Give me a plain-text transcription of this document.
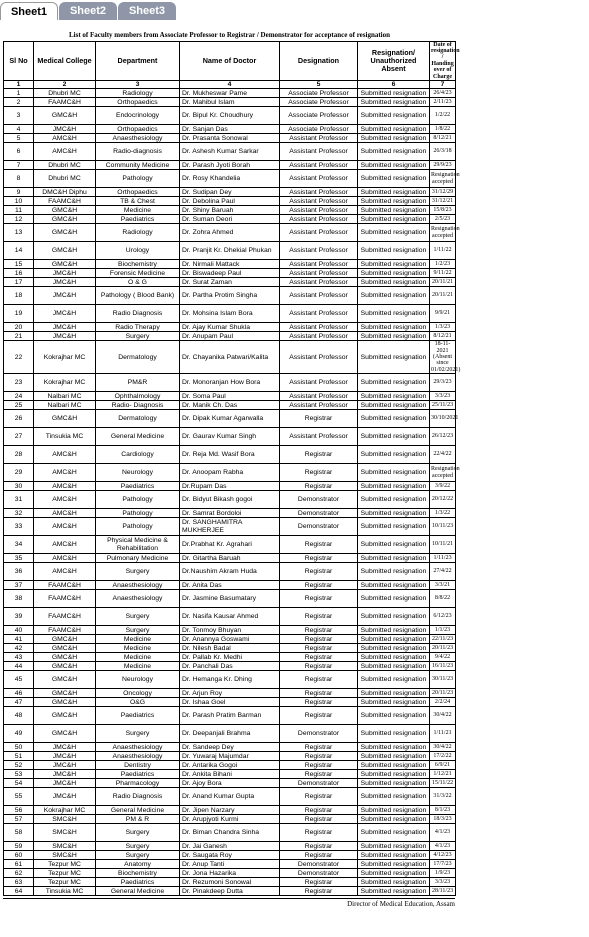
Sheet1	Sheet2	Sheet3
List of Faculty members from Associate Professor to Registrar / Demonstrator for acceptance of resignation						
Sl No	Medical College	Department	Name of Doctor	Designation	Resignation/ Unauthorized Absent	Date of resignation / Handing over of Charge
1	2	3	4	5	6	7
1	Dhubri MC	Radiology	Dr. Mukheswar Pame	Associate Professor	Submitted resignation	26/4/23
2	FAAMC&H	Orthopaedics	Dr. Mahibul Islam	Associate Professor	Submitted resignation	2/11/23
3	GMC&H	Endocrinology	Dr. Bipul Kr. Choudhury	Associate Professor	Submitted resignation	1/2/22
4	JMC&H	Orthopaedics	Dr. Sanjan Das	Associate Professor	Submitted resignation	1/8/22
5	AMC&H	Anaesthesiology	Dr. Prasanta Sonowal	Assistant Professor	Submitted resignation	8/12/21
6	AMC&H	Radio-diagnosis	Dr. Ashesh Kumar Sarkar	Assistant Professor	Submitted resignation	26/3/18
7	Dhubri MC	Community Medicine	Dr. Parash Jyoti Borah	Assistant Professor	Submitted resignation	29/9/23
8	Dhubri MC	Pathology	Dr. Rosy Khandelia	Assistant Professor	Submitted resignation	Resignation accepted
9	DMC&H Diphu	Orthopaedics	Dr. Sudipan Dey	Assistant Professor	Submitted resignation	31/12/29
10	FAAMC&H	TB & Chest	Dr. Debolina Paul	Assistant Professor	Submitted resignation	31/12/21
11	GMC&H	Medicine	Dr. Shiny Baruah	Assistant Professor	Submitted resignation	15/8/23
12	GMC&H	Paediatrics	Dr. Suman Deori	Assistant Professor	Submitted resignation	2/5/23
13	GMC&H	Radiology	Dr. Zohra Ahmed	Assistant Professor	Submitted resignation	Resignation accepted
14	GMC&H	Urology	Dr. Pranjit Kr. Dhekial Phukan	Assistant Professor	Submitted resignation	1/11/22
15	GMC&H	Biochemistry	Dr. Nirmali Mattack	Assistant Professor	Submitted resignation	1/2/23
16	JMC&H	Forensic Medicine	Dr. Biswadeep Paul	Assistant Professor	Submitted resignation	9/11/22
17	JMC&H	O & G	Dr. Surat Zaman	Assistant Professor	Submitted resignation	20/11/21
18	JMC&H	Pathology ( Blood Bank)	Dr. Partha Protim Singha	Assistant Professor	Submitted resignation	20/11/21
19	JMC&H	Radio Diagnosis	Dr. Mohsina Islam Bora	Assistant Professor	Submitted resignation	9/9/21
20	JMC&H	Radio Therapy	Dr. Ajay Kumar Shukla	Assistant Professor	Submitted resignation	1/3/23
21	JMC&H	Surgery	Dr. Anupam Paul	Assistant Professor	Submitted resignation	8/12/21
22	Kokrajhar MC	Dermatology	Dr. Chayanika Patwari/Kalita	Assistant Professor	Submitted resignation	18-11-2021 (Absent since 01/02/2021)
23	Kokrajhar MC	PM&R	Dr. Monoranjan How Bora	Assistant Professor	Submitted resignation	29/3/23
24	Nalbari MC	Ophthalmology	Dr. Soma Paul	Assistant Professor	Submitted resignation	3/3/23
25	Nalbari MC	Radio- Diagnosis	Dr. Manik Ch. Das	Assistant Professor	Submitted resignation	25/11/23
26	GMC&H	Dermatology	Dr. Dipak Kumar Agarwalla	Registrar	Submitted resignation	30/10/2021
27	Tinsukia MC	General Medicine	Dr. Gaurav Kumar Singh	Assistant Professor	Submitted resignation	26/12/23
28	AMC&H	Cardiology	Dr. Reja Md. Wasif Bora	Registrar	Submitted resignation	22/4/22
29	AMC&H	Neurology	Dr. Anoopam Rabha	Registrar	Submitted resignation	Resignation accepted
30	AMC&H	Paediatrics	Dr.Rupam Das	Registrar	Submitted resignation	3/9/22
31	AMC&H	Pathology	Dr. Bidyut Bikash gogoi	Demonstrator	Submitted resignation	20/12/22
32	AMC&H	Pathology	Dr. Samrat Bordoloi	Demonstrator	Submitted resignation	1/3/22
33	AMC&H	Pathology	Dr. SANGHAMITRA MUKHERJEE	Demonstrator	Submitted resignation	10/11/23
34	AMC&H	Physical Medicine & Rehabilitation	Dr.Prabhat Kr. Agrahari	Registrar	Submitted resignation	10/11/21
35	AMC&H	Pulmonary Medicine	Dr. Gitartha Baruah	Registrar	Submitted resignation	1/11/23
36	AMC&H	Surgery	Dr.Naushim Akram Huda	Registrar	Submitted resignation	27/4/22
37	FAAMC&H	Anaesthesiology	Dr. Anita Das	Registrar	Submitted resignation	3/3/21
38	FAAMC&H	Anaesthesiology	Dr. Jasmine Basumatary	Registrar	Submitted resignation	8/8/22
39	FAAMC&H	Surgery	Dr. Nasifa Kausar Ahmed	Registrar	Submitted resignation	6/12/23
40	FAAMC&H	Surgery	Dr. Tonmoy Bhuyan	Registrar	Submitted resignation	1/1/23
41	GMC&H	Medicine	Dr. Anannya Goswami	Registrar	Submitted resignation	22/11/23
42	GMC&H	Medicine	Dr. Nilesh Badal	Registrar	Submitted resignation	20/11/23
43	GMC&H	Medicine	Dr. Pallab Kr. Medhi	Registrar	Submitted resignation	9/4/22
44	GMC&H	Medicine	Dr. Panchali Das	Registrar	Submitted resignation	16/11/23
45	GMC&H	Neurology	Dr. Hemanga Kr. Dhing	Registrar	Submitted resignation	30/11/23
46	GMC&H	Oncology	Dr. Arjun Roy	Registrar	Submitted resignation	20/11/23
47	GMC&H	O&G	Dr. Ishaa Goel	Registrar	Submitted resignation	2/2/24
48	GMC&H	Paediatrics	Dr. Parash Pratim Barman	Registrar	Submitted resignation	30/4/22
49	GMC&H	Surgery	Dr. Deepanjali Brahma	Demonstrator	Submitted resignation	1/11/21
50	JMC&H	Anaesthesiology	Dr. Sandeep Dey	Registrar	Submitted resignation	30/4/22
51	JMC&H	Anaesthesiology	Dr. Yuwaraj Majumdar	Registrar	Submitted resignation	17/2/22
52	JMC&H	Dentistry	Dr. Antarika Gogoi	Registrar	Submitted resignation	6/9/21
53	JMC&H	Paediatrics	Dr. Ankita Bihani	Registrar	Submitted resignation	1/12/21
54	JMC&H	Pharmacology	Dr. Ajoy Bora	Demonstrator	Submitted resignation	15/11/22
55	JMC&H	Radio Diagnosis	Dr. Anand Kumar Gupta	Registrar	Submitted resignation	31/3/22
56	Kokrajhar MC	General Medicine	Dr. Jipen Narzary	Registrar	Submitted resignation	8/1/23
57	SMC&H	PM & R	Dr. Arupjyoti Kurmi	Registrar	Submitted resignation	18/3/23
58	SMC&H	Surgery	Dr. Biman Chandra Sinha	Registrar	Submitted resignation	4/1/23
59	SMC&H	Surgery	Dr. Jai Ganesh	Registrar	Submitted resignation	4/1/23
60	SMC&H	Surgery	Dr. Saugata Roy	Registrar	Submitted resignation	4/12/23
61	Tezpur MC	Anatomy	Dr. Anup Tanti	Demonstrator	Submitted resignation	17/7/23
62	Tezpur MC	Biochemistry	Dr. Jona Hazarika	Demonstrator	Submitted resignation	1/9/23
63	Tezpur MC	Paediatrics	Dr. Rezumoni Sonowal	Registrar	Submitted resignation	3/3/23
64	Tinsukia MC	General Medicine	Dr. Pinakdeep Dutta	Registrar	Submitted resignation	28/11/23
Director of Medical Education, Assam
